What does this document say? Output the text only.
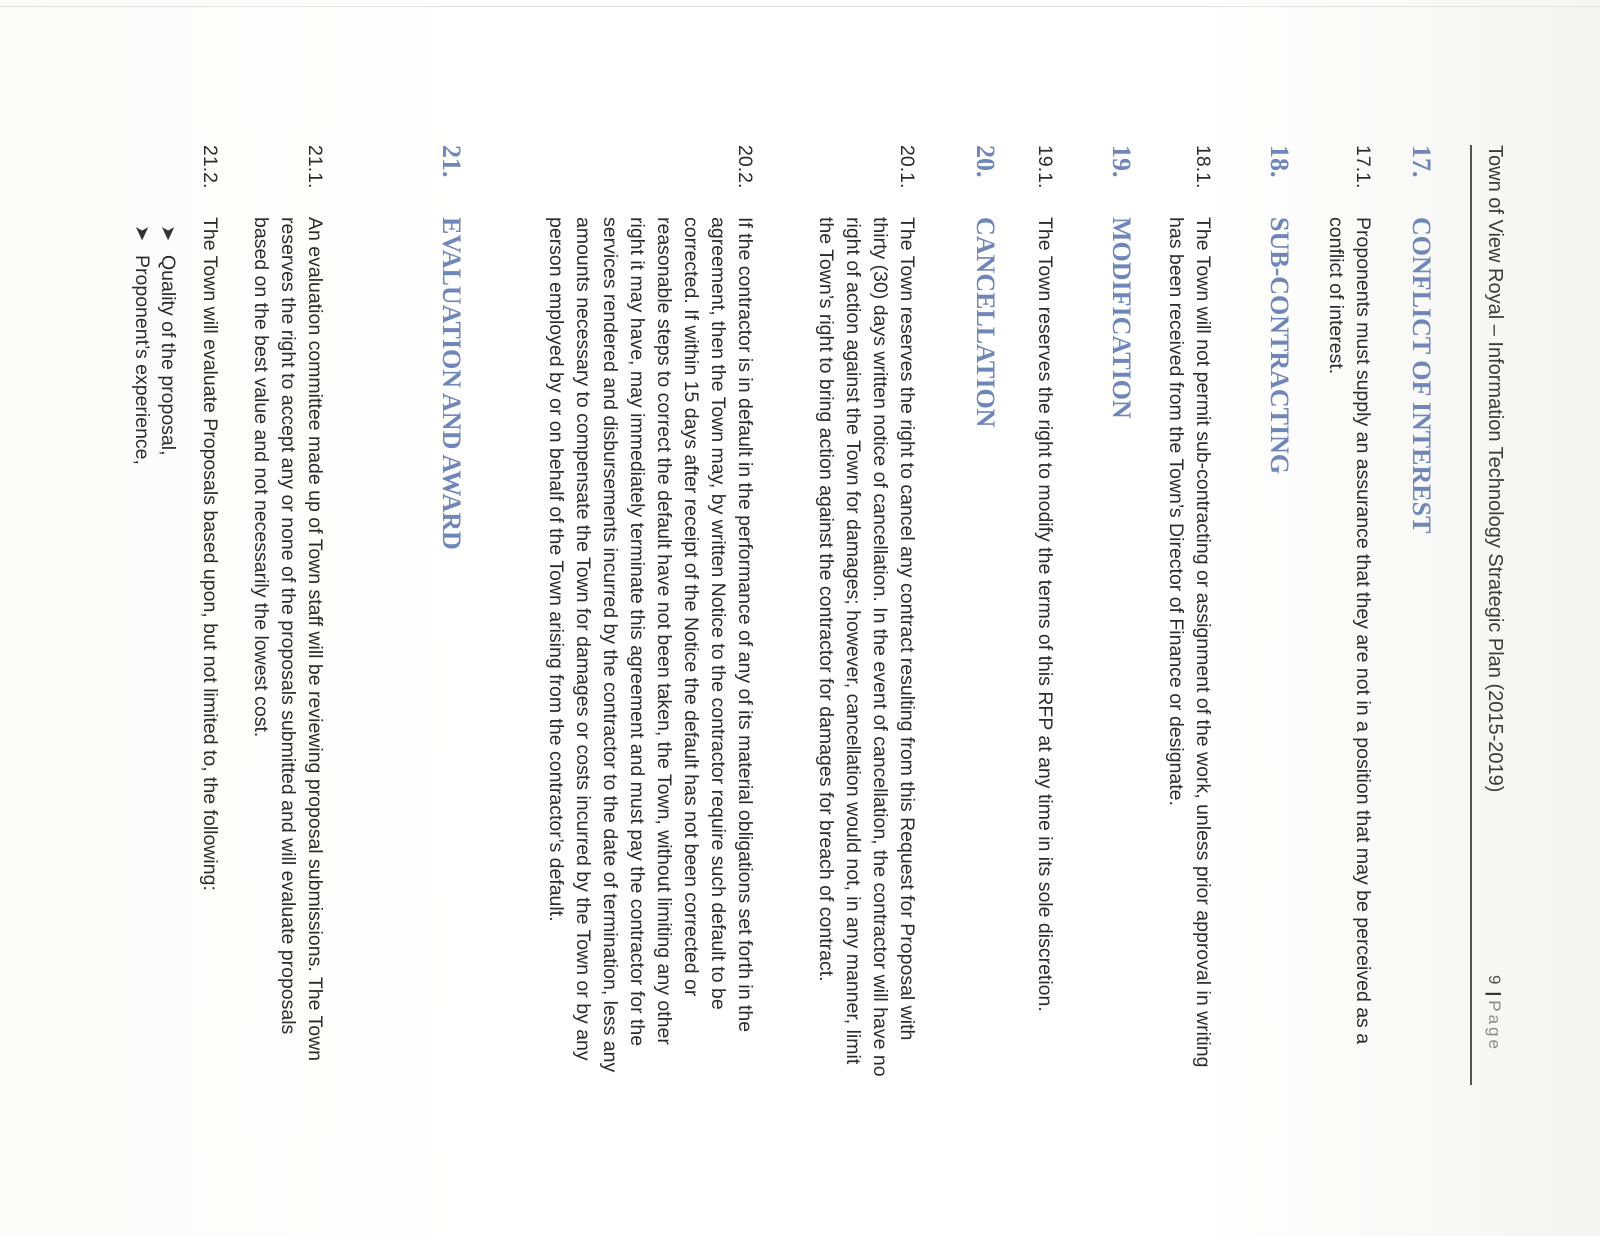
Town of View Royal – Information Technology Strategic Plan (2015-2019)
17.CONFLICT OF INTEREST
17.1.
Proponents must supply an assurance that they are not in a position that may be perceived as a conflict of interest.
18.SUB-CONTRACTING
18.1.
The Town will not permit sub-contracting or assignment of the work, unless prior approval in writing has been received from the Town’s Director of Finance or designate.
19.MODIFICATION
19.1.
The Town reserves the right to modify the terms of this RFP at any time in its sole discretion.
20.CANCELLATION
20.1.
The Town reserves the right to cancel any contract resulting from this Request for Proposal with thirty (30) days written notice of cancellation. In the event of cancellation, the contractor will have no right of action against the Town for damages; however, cancellation would not, in any manner, limit the Town’s right to bring action against the contractor for damages for breach of contract.
20.2.
If the contractor is in default in the performance of any of its material obligations set forth in the agreement, then the Town may, by written Notice to the contractor require such default to be corrected. If within 15 days after receipt of the Notice the default has not been corrected or reasonable steps to correct the default have not been taken, the Town, without limiting any other right it may have, may immediately terminate this agreement and must pay the contractor for the services rendered and disbursements incurred by the contractor to the date of termination, less any amounts necessary to compensate the Town for damages or costs incurred by the Town or by any person employed by or on behalf of the Town arising from the contractor’s default.
21.EVALUATION AND AWARD
9|Page
21.1.
An evaluation committee made up of Town staff will be reviewing proposal submissions. The Town reserves the right to accept any or none of the proposals submitted and will evaluate proposals based on the best value and not necessarily the lowest cost.
21.2.
The Town will evaluate Proposals based upon, but not limited to, the following:
➤
Quality of the proposal,
➤
Proponent’s experience,
